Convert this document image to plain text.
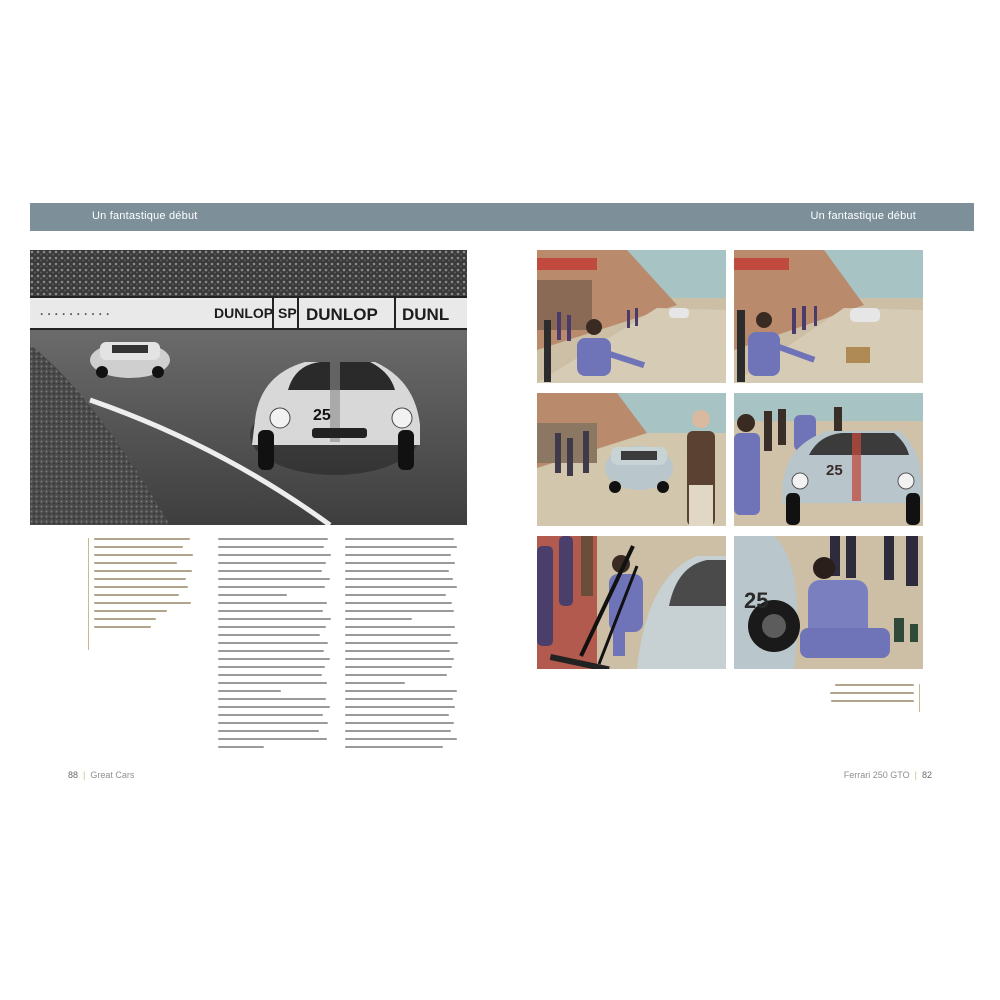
Un fantastique début	Un fantastique début
· · · · · · · · · ·	DUNLOP SP DUNLOP DUNL
25
25
25
88 | Great Cars	Ferrari 250 GTO | 82
